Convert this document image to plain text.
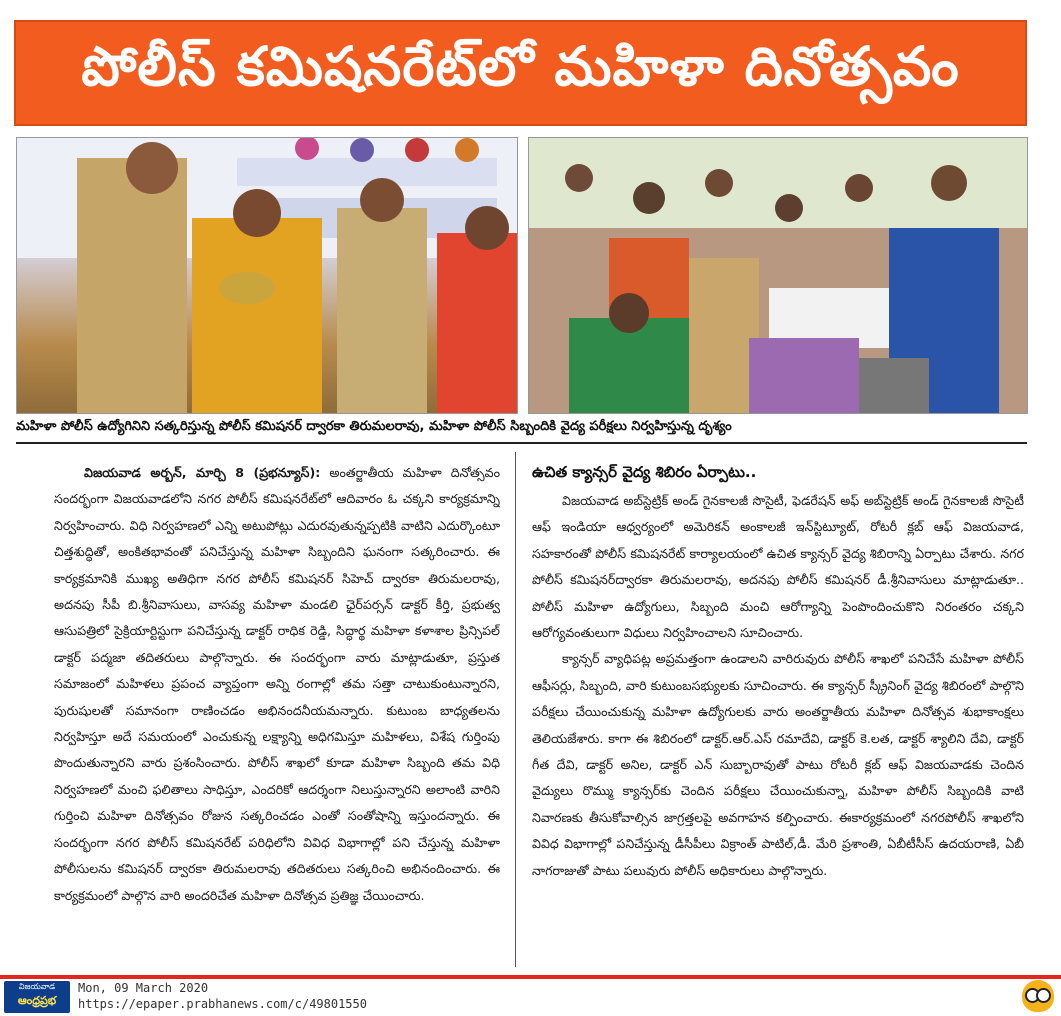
పోలీస్ కమిషనరేట్‌లో మహిళా దినోత్సవం
మహిళా పోలీస్ ఉద్యోగినిని సత్కరిస్తున్న పోలీస్ కమిషనర్ ద్వారకా తిరుమలరావు, మహిళా పోలీస్ సిబ్బందికి వైద్య పరీక్షలు నిర్వహిస్తున్న దృశ్యం

విజయవాడ అర్బన్, మార్చి 8 (ప్రభన్యూస్): అంతర్జాతీయ మహిళా దినోత్సవం సందర్భంగా విజయవాడలోని నగర పోలీస్ కమిషనరేట్‌లో ఆదివారం ఓ చక్కని కార్యక్రమాన్ని నిర్వహించారు. విధి నిర్వహణలో ఎన్ని అటుపోట్లు ఎదురవుతున్నప్పటికి వాటిని ఎదుర్కొంటూ చిత్తశుద్ధితో, అంకితభావంతో పనిచేస్తున్న మహిళా సిబ్బందిని ఘనంగా సత్కరించారు. ఈ కార్యక్రమానికి ముఖ్య అతిధిగా నగర పోలీస్ కమిషనర్ సిహెచ్ ద్వారకా తిరుమలరావు, అదనపు సీపీ బి.శ్రీనివాసులు, వాసవ్య మహిళా మండలి ఛైర్‌పర్సన్ డాక్టర్ కీర్తి, ప్రభుత్వ ఆసుపత్రిలో సైక్రియార్టిస్టుగా పనిచేస్తున్న డాక్టర్ రాధిక రెడ్డి, సిద్ధార్థ మహిళా కళాశాల ప్రిన్సిపల్ డాక్టర్ పద్మజా తదితరులు పాల్గొన్నారు. ఈ సందర్భంగా వారు మాట్లాడుతూ, ప్రస్తుత సమాజంలో మహిళలు ప్రపంచ వ్యాప్తంగా అన్ని రంగాల్లో తమ సత్తా చాటుకుంటున్నారని, పురుషులతో సమానంగా రాణించడం అభినందనీయమన్నారు. కుటుంబ బాధ్యతలను నిర్వహిస్తూ అదే సమయంలో ఎంచుకున్న లక్ష్యాన్ని అధిగమిస్తూ మహిళలు, విశేష గుర్తింపు పొందుతున్నారని వారు ప్రశంసించారు. పోలీస్ శాఖలో కూడా మహిళా సిబ్బంది తమ విధి నిర్వహణలో మంచి ఫలితాలు సాధిస్తూ, ఎందరికో ఆదర్శంగా నిలుస్తున్నారని అలాంటి వారిని గుర్తించి మహిళా దినోత్సవం రోజున సత్కరించడం ఎంతో సంతోషాన్ని ఇస్తుందన్నారు. ఈ సందర్భంగా నగర పోలీస్ కమిషనరేట్ పరిధిలోని వివిధ విభాగాల్లో పని చేస్తున్న మహిళా పోలీసులను కమిషనర్ ద్వారకా తిరుమలరావు తదితరులు సత్కరించి అభినందించారు. ఈ కార్యక్రమంలో పాల్గొన వారి అందరిచేత మహిళా దినోత్సవ ప్రతిజ్ఞ చేయించారు.

ఉచిత క్యాన్సర్ వైద్య శిబిరం ఏర్పాటు..

విజయవాడ అబ్‌స్టెట్రిక్ అండ్ గైనకాలజీ సొసైటీ, ఫెడరేషన్ అఫ్ అబ్‌స్టెట్రిక్ అండ్ గైనకాలజీ సొసైటీ ఆఫ్ ఇండియా ఆధ్వర్యంలో అమెరికన్ అంకాలజీ ఇన్‌స్టిట్యూట్, రోటరీ క్లబ్ ఆఫ్ విజయవాడ, సహకారంతో పోలీస్ కమిషనరేట్ కార్యాలయంలో ఉచిత క్యాన్సర్ వైద్య శిబిరాన్ని ఏర్పాటు చేశారు. నగర పోలీస్ కమిషనర్‌ద్వారకా తిరుమలరావు, అదనపు పోలీస్ కమిషనర్ డీ.శ్రీనివాసులు మాట్లాడుతూ.. పోలీస్ మహిళా ఉద్యోగులు, సిబ్బంది మంచి ఆరోగ్యాన్ని పెంపొందించుకొని నిరంతరం చక్కని ఆరోగ్యవంతులుగా విధులు నిర్వహించాలని సూచించారు.

క్యాన్సర్ వ్యాధిపట్ల అప్రమత్తంగా ఉండాలని వారిరువురు పోలీస్ శాఖలో పనిచేసే మహిళా పోలీస్ ఆఫీసర్లు, సిబ్బంది, వారి కుటుంబసభ్యులకు సూచించారు. ఈ క్యాన్సర్ స్క్రీనింగ్ వైద్య శిబిరంలో పాల్గొని పరీక్షలు చేయించుకున్న మహిళా ఉద్యోగులకు వారు అంతర్జాతీయ మహిళా దినోత్సవ శుభాకాంక్షలు తెలియజేశారు. కాగా ఈ శిబిరంలో డాక్టర్.ఆర్.ఎస్ రమాదేవి, డాక్టర్ కె.లత, డాక్టర్ శ్యాలిని దేవి, డాక్టర్ గీత దేవి, డాక్టర్ అనిల, డాక్టర్ ఎన్ సుబ్బారావుతో పాటు రోటరీ క్లబ్ ఆఫ్ విజయవాడకు చెందిన వైద్యులు రొమ్ము క్యాన్సర్‌కు చెందిన పరీక్షలు చేయించుకున్నా, మహిళా పోలీస్ సిబ్బందికి వాటి నివారణకు తీసుకోవాల్సిన జాగ్రత్తలపై అవగాహన కల్పించారు. ఈకార్యక్రమంలో నగరపోలీస్ శాఖలోని వివిధ విభాగాల్లో పనిచేస్తున్న డీసీపీలు విక్రాంత్ పాటిల్,డీ. మేరి ప్రశాంతి, ఏబీటీసీస్ ఉదయరాణి, ఏబీ నాగరాజుతో పాటు పలువురు పోలీస్ అధికారులు పాల్గొన్నారు.

విజయవాడ
ఆంధ్రప్రభ
Mon, 09 March 2020
https://epaper.prabhanews.com/c/49801550
